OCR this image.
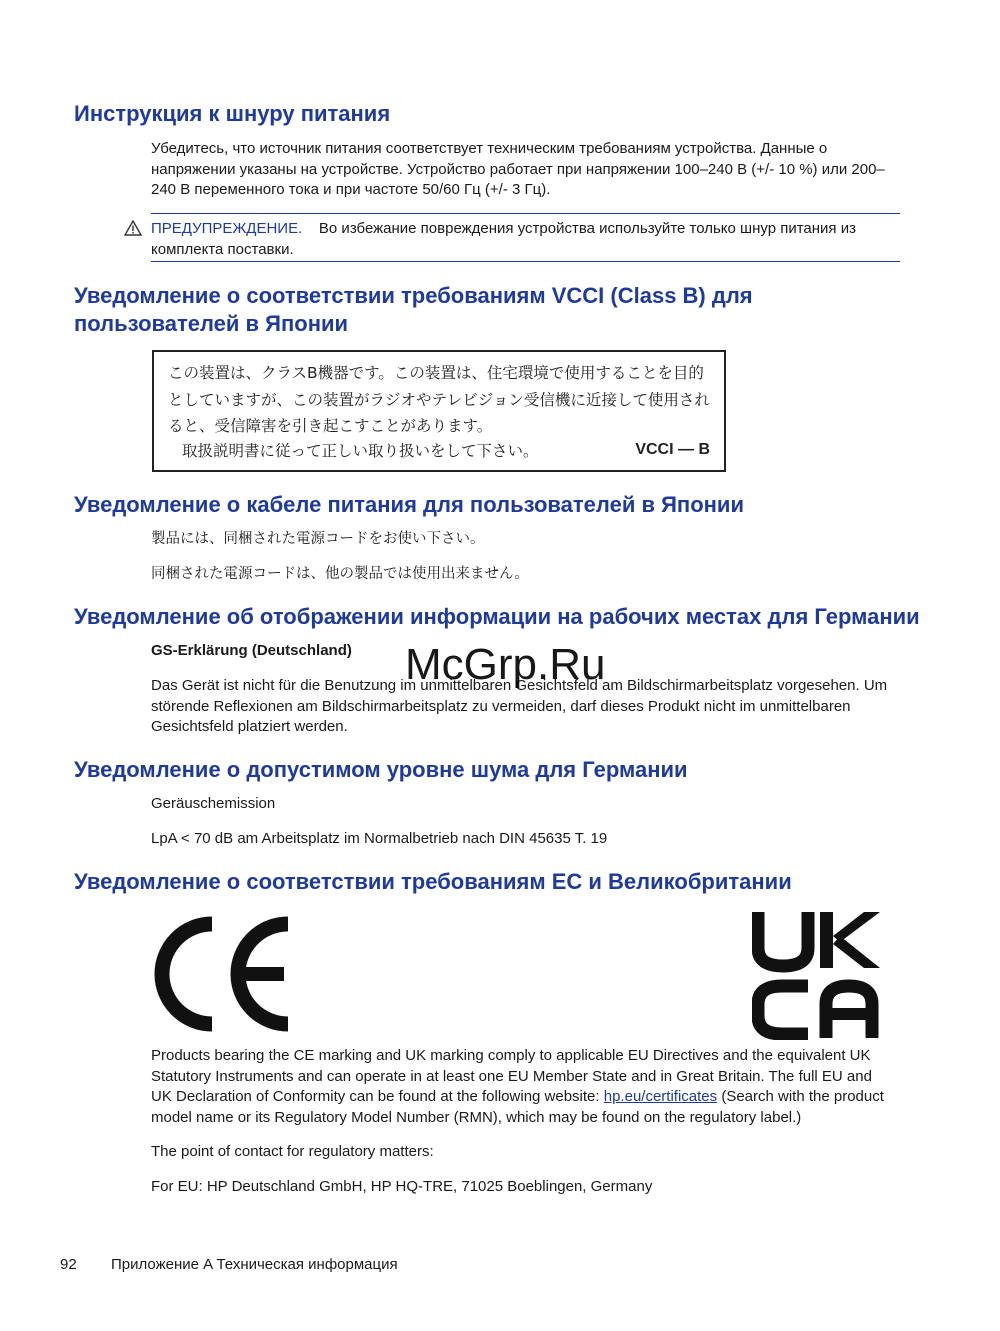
Инструкция к шнуру питания

Убедитесь, что источник питания соответствует техническим требованиям устройства. Данные о напряжении указаны на устройстве. Устройство работает при напряжении 100–240 В (+/- 10 %) или 200–240 В переменного тока и при частоте 50/60 Гц (+/- 3 Гц).

ПРЕДУПРЕЖДЕНИЕ. Во избежание повреждения устройства используйте только шнур питания из комплекта поставки.

Уведомление о соответствии требованиям VCCI (Class B) для пользователей в Японии

この装置は、クラスB機器です。この装置は、住宅環境で使用することを目的

としていますが、この装置がラジオやテレビジョン受信機に近接して使用され

ると、受信障害を引き起こすことがあります。

取扱説明書に従って正しい取り扱いをして下さい。	VCCI — B
Уведомление о кабеле питания для пользователей в Японии

製品には、同梱された電源コードをお使い下さい。

同梱された電源コードは、他の製品では使用出来ません。

Уведомление об отображении информации на рабочих местах для Германии

GS-Erklärung (Deutschland)

Das Gerät ist nicht für die Benutzung im unmittelbaren Gesichtsfeld am Bildschirmarbeitsplatz vorgesehen. Um störende Reflexionen am Bildschirmarbeitsplatz zu vermeiden, darf dieses Produkt nicht im unmittelbaren Gesichtsfeld platziert werden.

McGrp.Ru
Уведомление о допустимом уровне шума для Германии

Geräuschemission

LpA < 70 dB am Arbeitsplatz im Normalbetrieb nach DIN 45635 T. 19

Уведомление о соответствии требованиям ЕС и Великобритании

Products bearing the CE marking and UK marking comply to applicable EU Directives and the equivalent UK Statutory Instruments and can operate in at least one EU Member State and in Great Britain. The full EU and UK Declaration of Conformity can be found at the following website: hp.eu/certificates (Search with the product model name or its Regulatory Model Number (RMN), which may be found on the regulatory label.)

The point of contact for regulatory matters:

For EU: HP Deutschland GmbH, HP HQ-TRE, 71025 Boeblingen, Germany

92 Приложение A Техническая информация
